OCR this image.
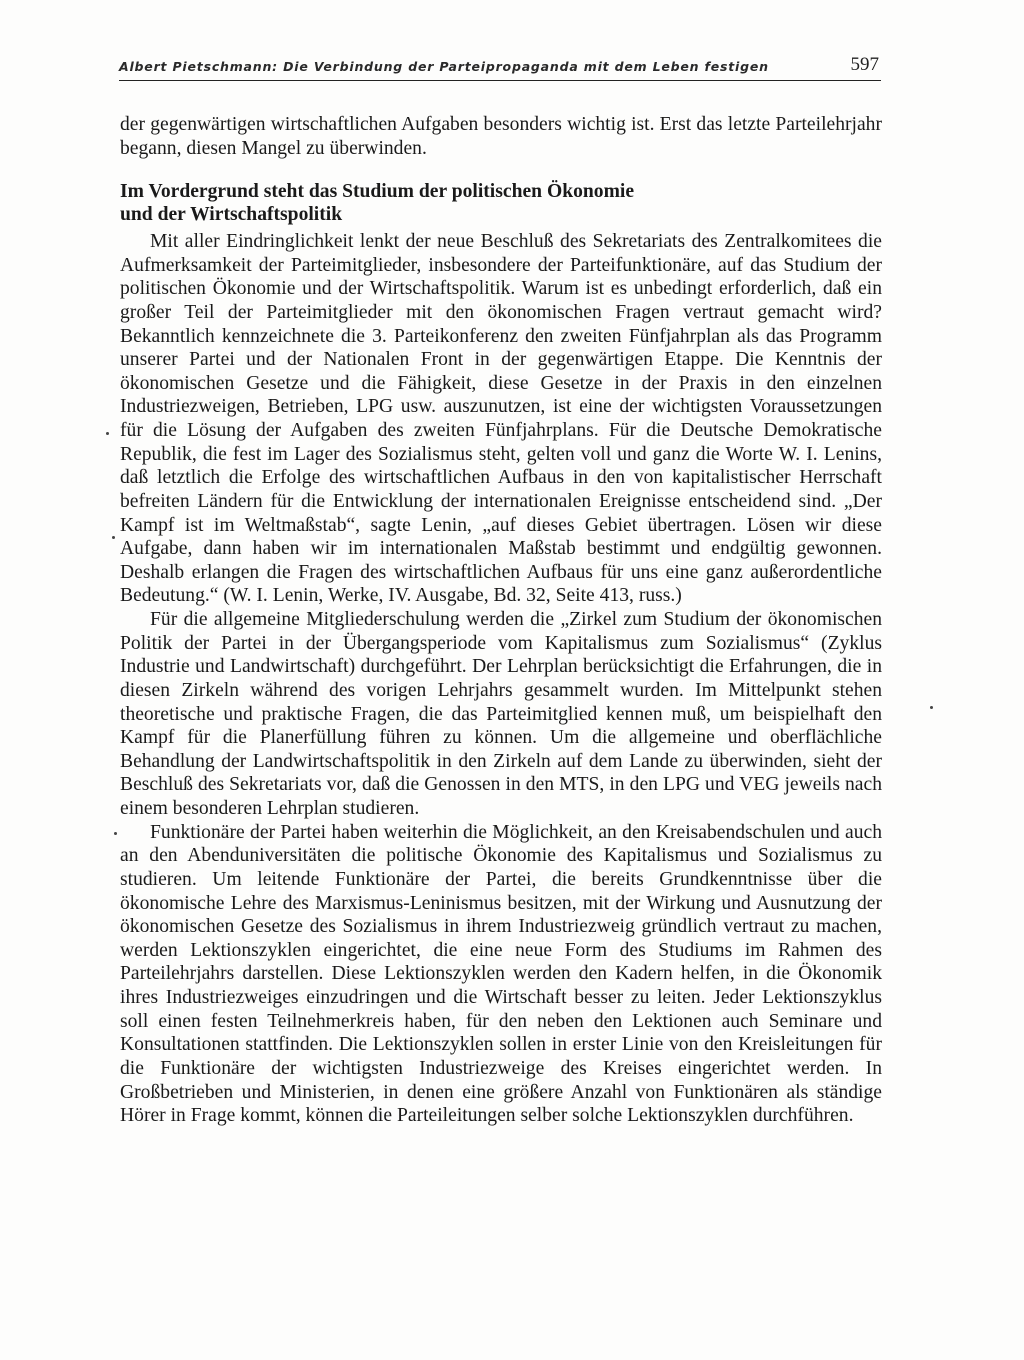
Albert Pietschmann: Die Verbindung der Parteipropaganda mit dem Leben festigen	597

der gegenwärtigen wirtschaftlichen Aufgaben besonders wichtig ist. Erst das letzte Parteilehrjahr begann, diesen Mangel zu überwinden.

Im Vordergrund steht das Studium der politischen Ökonomie
und der Wirtschaftspolitik

Mit aller Eindringlichkeit lenkt der neue Beschluß des Sekretariats des Zentralkomitees die Aufmerksamkeit der Parteimitglieder, insbesondere der Parteifunktionäre, auf das Studium der politischen Ökonomie und der Wirtschaftspolitik. Warum ist es unbedingt erforderlich, daß ein großer Teil der Parteimitglieder mit den ökonomischen Fragen vertraut gemacht wird? Bekanntlich kennzeichnete die 3. Parteikonferenz den zweiten Fünfjahrplan als das Programm unserer Partei und der Nationalen Front in der gegenwärtigen Etappe. Die Kenntnis der ökonomischen Gesetze und die Fähigkeit, diese Gesetze in der Praxis in den einzelnen Industriezweigen, Betrieben, LPG usw. auszunutzen, ist eine der wichtigsten Voraussetzungen für die Lösung der Aufgaben des zweiten Fünfjahrplans. Für die Deutsche Demokratische Republik, die fest im Lager des Sozialismus steht, gelten voll und ganz die Worte W. I. Lenins, daß letztlich die Erfolge des wirtschaftlichen Aufbaus in den von kapitalistischer Herrschaft befreiten Ländern für die Entwicklung der internationalen Ereignisse entscheidend sind. „Der Kampf ist im Weltmaßstab“, sagte Lenin, „auf dieses Gebiet übertragen. Lösen wir diese Aufgabe, dann haben wir im internationalen Maßstab bestimmt und endgültig gewonnen. Deshalb erlangen die Fragen des wirtschaftlichen Aufbaus für uns eine ganz außerordentliche Bedeutung.“ (W. I. Lenin, Werke, IV. Ausgabe, Bd. 32, Seite 413, russ.)

Für die allgemeine Mitgliederschulung werden die „Zirkel zum Studium der ökonomischen Politik der Partei in der Übergangsperiode vom Kapitalismus zum Sozialismus“ (Zyklus Industrie und Landwirtschaft) durchgeführt. Der Lehrplan berücksichtigt die Erfahrungen, die in diesen Zirkeln während des vorigen Lehrjahrs gesammelt wurden. Im Mittelpunkt stehen theoretische und praktische Fragen, die das Parteimitglied kennen muß, um beispielhaft den Kampf für die Planerfüllung führen zu können. Um die allgemeine und oberflächliche Behandlung der Landwirtschaftspolitik in den Zirkeln auf dem Lande zu überwinden, sieht der Beschluß des Sekretariats vor, daß die Genossen in den MTS, in den LPG und VEG jeweils nach einem besonderen Lehrplan studieren.

Funktionäre der Partei haben weiterhin die Möglichkeit, an den Kreisabendschulen und auch an den Abenduniversitäten die politische Ökonomie des Kapitalismus und Sozialismus zu studieren. Um leitende Funktionäre der Partei, die bereits Grundkenntnisse über die ökonomische Lehre des Marxismus-Leninismus besitzen, mit der Wirkung und Ausnutzung der ökonomischen Gesetze des Sozialismus in ihrem Industriezweig gründlich vertraut zu machen, werden Lektionszyklen eingerichtet, die eine neue Form des Studiums im Rahmen des Parteilehrjahrs darstellen. Diese Lektionszyklen werden den Kadern helfen, in die Ökonomik ihres Industriezweiges einzudringen und die Wirtschaft besser zu leiten. Jeder Lektionszyklus soll einen festen Teilnehmerkreis haben, für den neben den Lektionen auch Seminare und Konsultationen stattfinden. Die Lektionszyklen sollen in erster Linie von den Kreisleitungen für die Funktionäre der wichtigsten Industriezweige des Kreises eingerichtet werden. In Großbetrieben und Ministerien, in denen eine größere Anzahl von Funktionären als ständige Hörer in Frage kommt, können die Parteileitungen selber solche Lektionszyklen durchführen.
